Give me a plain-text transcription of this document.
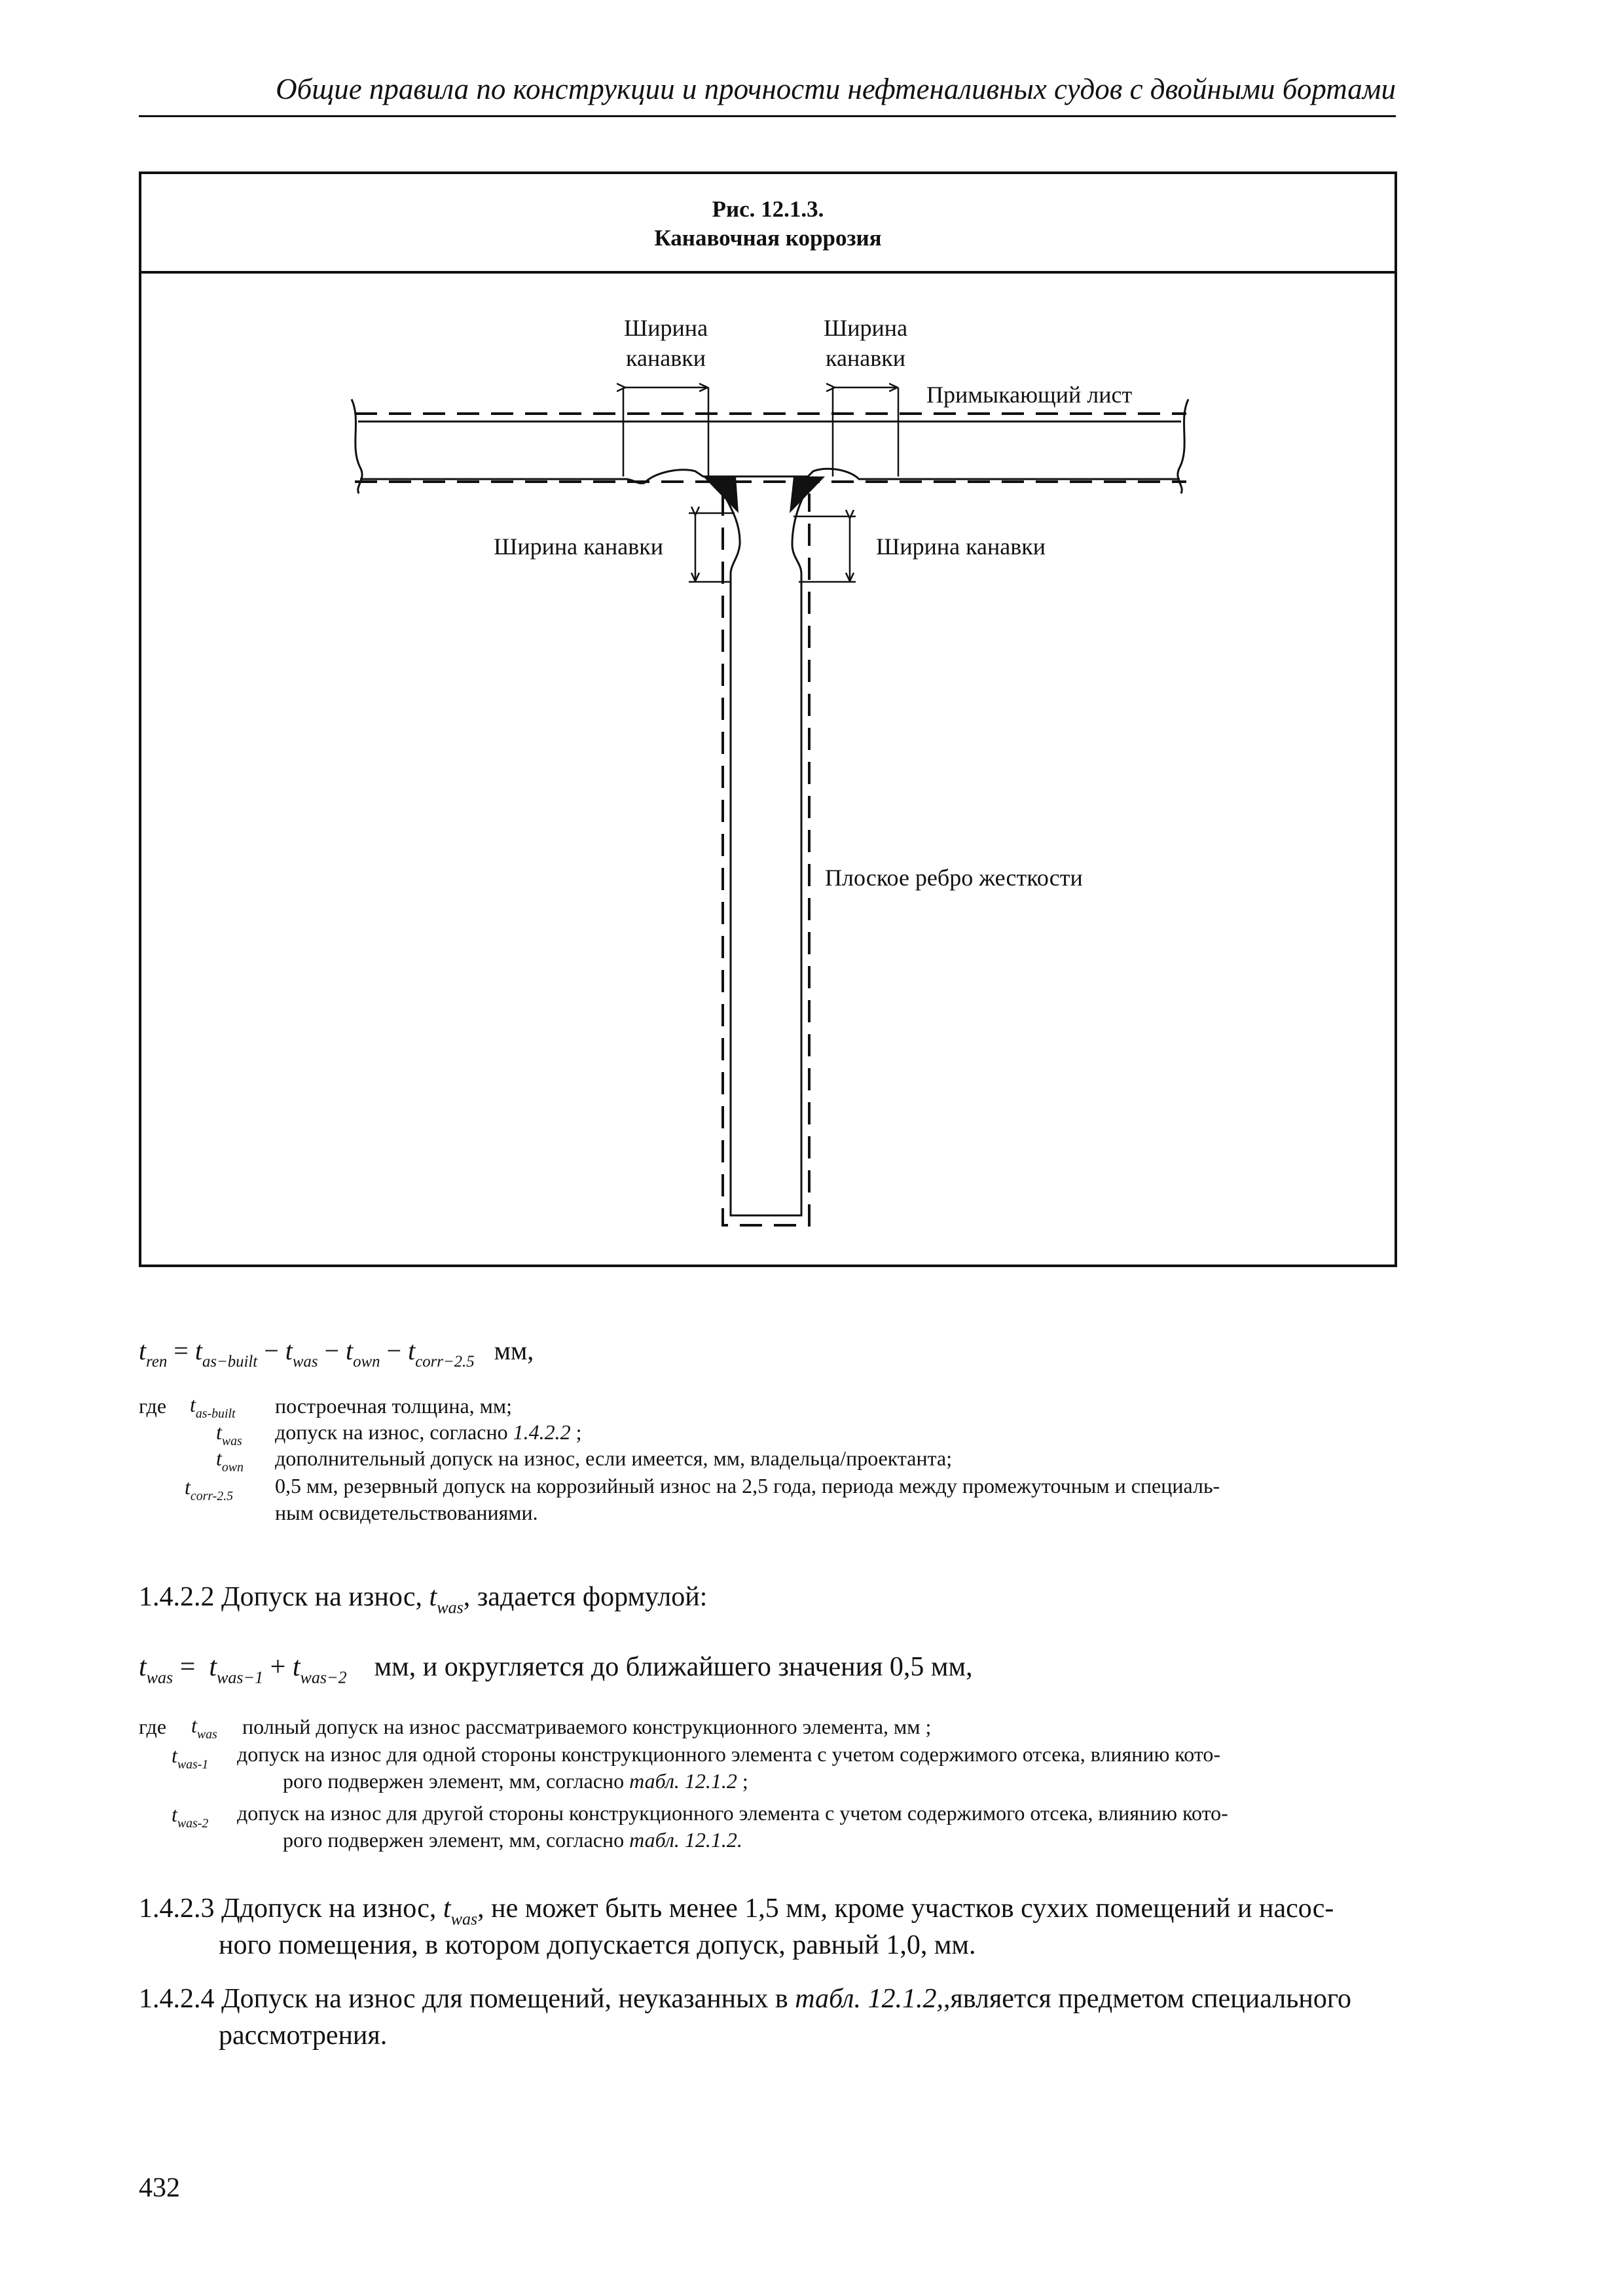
Общие правила по конструкции и прочности нефтеналивных судов с двойными бортами
Рис. 12.1.3.
Канавочная коррозия
Ширина
канавки
Ширина
канавки
Примыкающий лист
Ширина канавки	Ширина канавки
Плоское ребро жесткости
$t_{ren} = t_{as-built} - t_{was} - t_{own} - t_{corr-2.5}$ мм,
где $t_{as-built}$ построечная толщина, мм;
$t_{was}$ допуск на износ, согласно 1.4.2.2 ;
$t_{own}$ дополнительный допуск на износ, если имеется, мм, владельца/проектанта;
$t_{corr-2.5}$ 0,5 мм, резервный допуск на коррозийный износ на 2,5 года, периода между промежуточным и специаль-
ным освидетельствованиями.
1.4.2.2 Допуск на износ, $t_{was}$, задается формулой:
$t_{was} = t_{was-1} + t_{was-2}$ мм, и округляется до ближайшего значения 0,5 мм,
где $t_{was}$ полный допуск на износ рассматриваемого конструкционного элемента, мм ;
$t_{was-1}$ допуск на износ для одной стороны конструкционного элемента с учетом содержимого отсека, влиянию кото-
рого подвержен элемент, мм, согласно табл. 12.1.2 ;
$t_{was-2}$ допуск на износ для другой стороны конструкционного элемента с учетом содержимого отсека, влиянию кото-
рого подвержен элемент, мм, согласно табл. 12.1.2.
1.4.2.3 Ддопуск на износ, $t_{was}$, не может быть менее 1,5 мм, кроме участков сухих помещений и насос-
ного помещения, в котором допускается допуск, равный 1,0, мм.
1.4.2.4 Допуск на износ для помещений, неуказанных в табл. 12.1.2,,является предметом специального
рассмотрения.
432
